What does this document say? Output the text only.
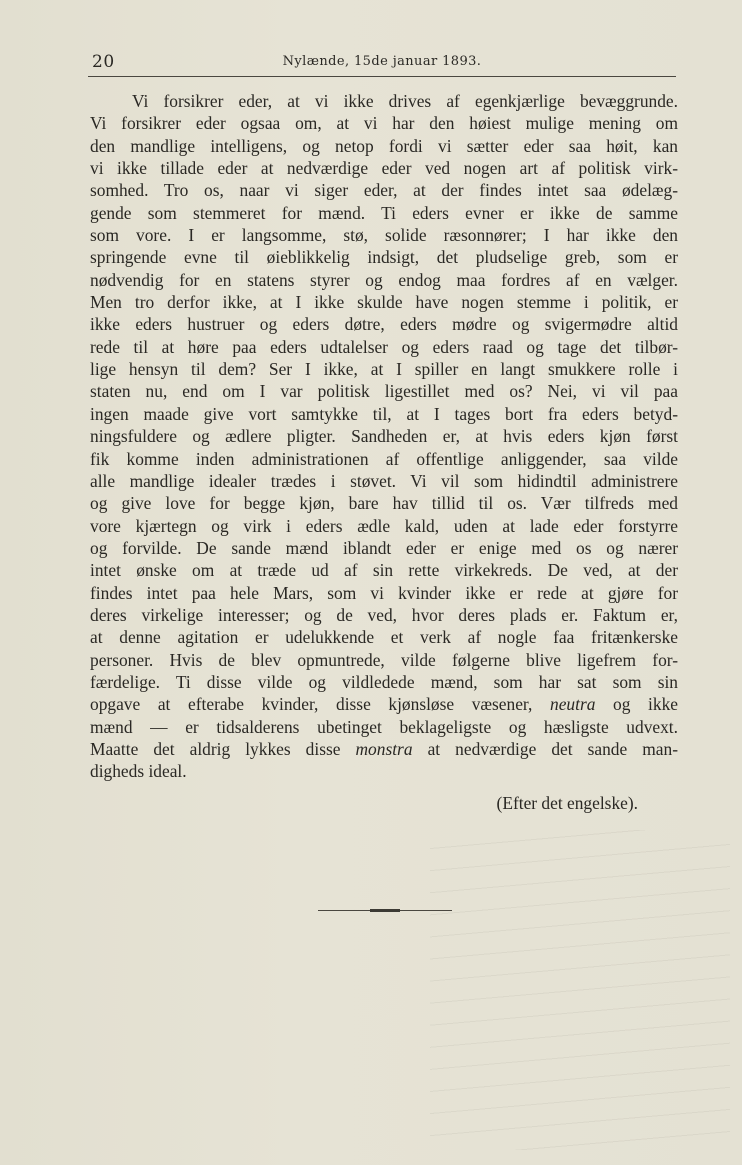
20	Nylænde, 15de januar 1893.
Vi forsikrer eder, at vi ikke drives af egenkjærlige bevæggrunde.
Vi forsikrer eder ogsaa om, at vi har den høiest mulige mening om
den mandlige intelligens, og netop fordi vi sætter eder saa høit, kan
vi ikke tillade eder at nedværdige eder ved nogen art af politisk virk-
somhed. Tro os, naar vi siger eder, at der findes intet saa ødelæg-
gende som stemmeret for mænd. Ti eders evner er ikke de samme
som vore. I er langsomme, stø, solide ræsonnører; I har ikke den
springende evne til øieblikkelig indsigt, det pludselige greb, som er
nødvendig for en statens styrer og endog maa fordres af en vælger.
Men tro derfor ikke, at I ikke skulde have nogen stemme i politik, er
ikke eders hustruer og eders døtre, eders mødre og svigermødre altid
rede til at høre paa eders udtalelser og eders raad og tage det tilbør-
lige hensyn til dem? Ser I ikke, at I spiller en langt smukkere rolle i
staten nu, end om I var politisk ligestillet med os? Nei, vi vil paa
ingen maade give vort samtykke til, at I tages bort fra eders betyd-
ningsfuldere og ædlere pligter. Sandheden er, at hvis eders kjøn først
fik komme inden administrationen af offentlige anliggender, saa vilde
alle mandlige idealer trædes i støvet. Vi vil som hidindtil administrere
og give love for begge kjøn, bare hav tillid til os. Vær tilfreds med
vore kjærtegn og virk i eders ædle kald, uden at lade eder forstyrre
og forvilde. De sande mænd iblandt eder er enige med os og nærer
intet ønske om at træde ud af sin rette virkekreds. De ved, at der
findes intet paa hele Mars, som vi kvinder ikke er rede at gjøre for
deres virkelige interesser; og de ved, hvor deres plads er. Faktum er,
at denne agitation er udelukkende et verk af nogle faa fritænkerske
personer. Hvis de blev opmuntrede, vilde følgerne blive ligefrem for-
færdelige. Ti disse vilde og vildledede mænd, som har sat som sin
opgave at efterabe kvinder, disse kjønsløse væsener, neutra og ikke
mænd — er tidsalderens ubetinget beklageligste og hæsligste udvext.
Maatte det aldrig lykkes disse monstra at nedværdige det sande man-
digheds ideal.
(Efter det engelske).
